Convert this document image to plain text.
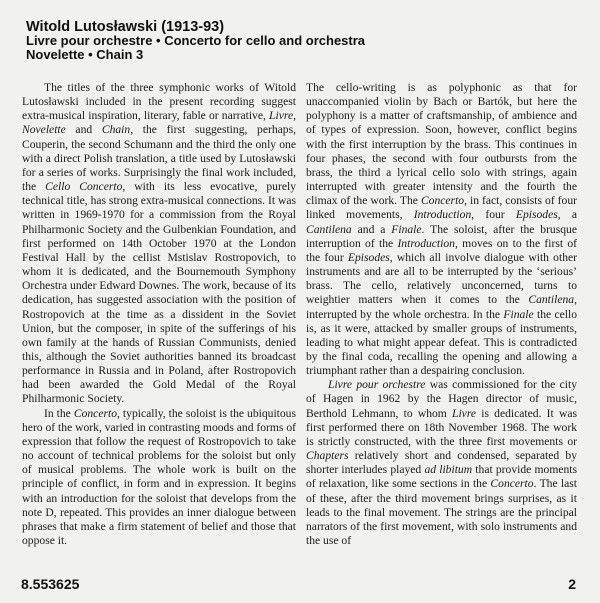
Witold Lutosławski (1913-93)
Livre pour orchestre • Concerto for cello and orchestra
Novelette • Chain 3

The titles of the three symphonic works of Witold Lutosławski included in the present recording suggest extra-musical inspiration, literary, fable or narrative, Livre, Novelette and Chain, the first suggesting, perhaps, Couperin, the second Schumann and the third the only one with a direct Polish translation, a title used by Lutosławski for a series of works. Surprisingly the final work included, the Cello Concerto, with its less evocative, purely technical title, has strong extra-musical connections. It was written in 1969-1970 for a commission from the Royal Philharmonic Society and the Gulbenkian Foundation, and first performed on 14th October 1970 at the London Festival Hall by the cellist Mstislav Rostropovich, to whom it is dedicated, and the Bournemouth Symphony Orchestra under Edward Downes. The work, because of its dedication, has suggested association with the position of Rostropovich at the time as a dissident in the Soviet Union, but the composer, in spite of the sufferings of his own family at the hands of Russian Communists, denied this, although the Soviet authorities banned its broadcast performance in Russia and in Poland, after Rostropovich had been awarded the Gold Medal of the Royal Philharmonic Society.

In the Concerto, typically, the soloist is the ubiquitous hero of the work, varied in contrasting moods and forms of expression that follow the request of Rostropovich to take no account of technical problems for the soloist but only of musical problems. The whole work is built on the principle of conflict, in form and in expression. It begins with an introduction for the soloist that develops from the note D, repeated. This provides an inner dialogue between phrases that make a firm statement of belief and those that oppose it.

The cello-writing is as polyphonic as that for unaccompanied violin by Bach or Bartók, but here the polyphony is a matter of craftsmanship, of ambience and of types of expression. Soon, however, conflict begins with the first interruption by the brass. This continues in four phases, the second with four outbursts from the brass, the third a lyrical cello solo with strings, again interrupted with greater intensity and the fourth the climax of the work. The Concerto, in fact, consists of four linked movements, Introduction, four Episodes, a Cantilena and a Finale. The soloist, after the brusque interruption of the Introduction, moves on to the first of the four Episodes, which all involve dialogue with other instruments and are all to be interrupted by the ‘serious’ brass. The cello, relatively unconcerned, turns to weightier matters when it comes to the Cantilena, interrupted by the whole orchestra. In the Finale the cello is, as it were, attacked by smaller groups of instruments, leading to what might appear defeat. This is contradicted by the final coda, recalling the opening and allowing a triumphant rather than a despairing conclusion.

Livre pour orchestre was commissioned for the city of Hagen in 1962 by the Hagen director of music, Berthold Lehmann, to whom Livre is dedicated. It was first performed there on 18th November 1968. The work is strictly constructed, with the three first movements or Chapters relatively short and condensed, separated by shorter interludes played ad libitum that provide moments of relaxation, like some sections in the Concerto. The last of these, after the third movement brings surprises, as it leads to the final movement. The strings are the principal narrators of the first movement, with solo instruments and the use of

8.553625	2
